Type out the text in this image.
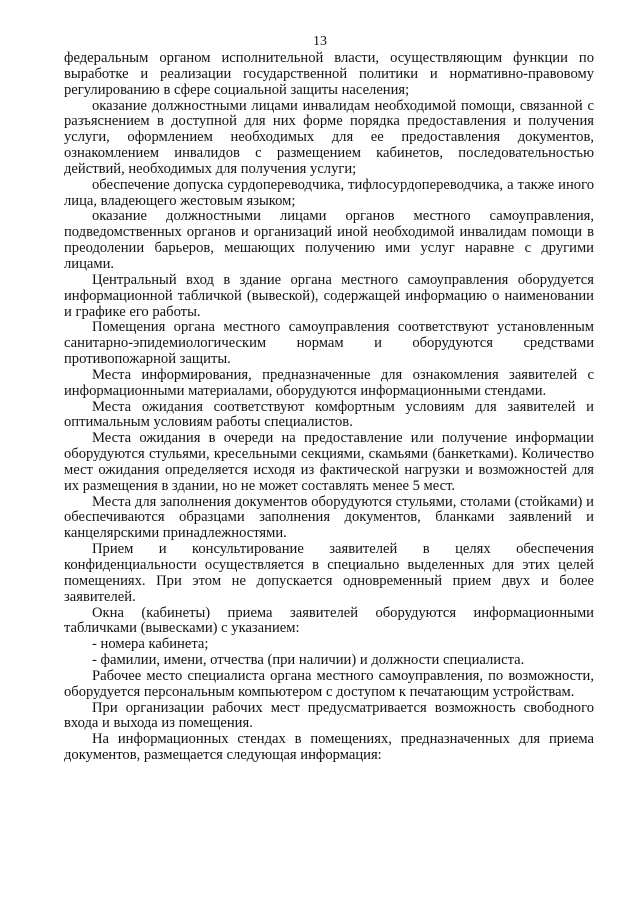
13

федеральным органом исполнительной власти, осуществляющим функции по выработке и реализации государственной политики и нормативно-правовому регулированию в сфере социальной защиты населения;

оказание должностными лицами инвалидам необходимой помощи, связанной с разъяснением в доступной для них форме порядка предоставления и получения услуги, оформлением необходимых для ее предоставления документов, ознакомлением инвалидов с размещением кабинетов, последовательностью действий, необходимых для получения услуги;

обеспечение допуска сурдопереводчика, тифлосурдопереводчика, а также иного лица, владеющего жестовым языком;

оказание должностными лицами органов местного самоуправления, подведомственных органов и организаций иной необходимой инвалидам помощи в преодолении барьеров, мешающих получению ими услуг наравне с другими лицами.

Центральный вход в здание органа местного самоуправления оборудуется информационной табличкой (вывеской), содержащей информацию о наименовании и графике его работы.

Помещения органа местного самоуправления соответствуют установленным санитарно-эпидемиологическим нормам и оборудуются средствами противопожарной защиты.

Места информирования, предназначенные для ознакомления заявителей с информационными материалами, оборудуются информационными стендами.

Места ожидания соответствуют комфортным условиям для заявителей и оптимальным условиям работы специалистов.

Места ожидания в очереди на предоставление или получение информации оборудуются стульями, кресельными секциями, скамьями (банкетками). Количество мест ожидания определяется исходя из фактической нагрузки и возможностей для их размещения в здании, но не может составлять менее 5 мест.

Места для заполнения документов оборудуются стульями, столами (стойками) и обеспечиваются образцами заполнения документов, бланками заявлений и канцелярскими принадлежностями.

Прием и консультирование заявителей в целях обеспечения конфиденциальности осуществляется в специально выделенных для этих целей помещениях. При этом не допускается одновременный прием двух и более заявителей.

Окна (кабинеты) приема заявителей оборудуются информационными табличками (вывесками) с указанием:

- номера кабинета;

- фамилии, имени, отчества (при наличии) и должности специалиста.

Рабочее место специалиста органа местного самоуправления, по возможности, оборудуется персональным компьютером с доступом к печатающим устройствам.

При организации рабочих мест предусматривается возможность свободного входа и выхода из помещения.

На информационных стендах в помещениях, предназначенных для приема документов, размещается следующая информация:
